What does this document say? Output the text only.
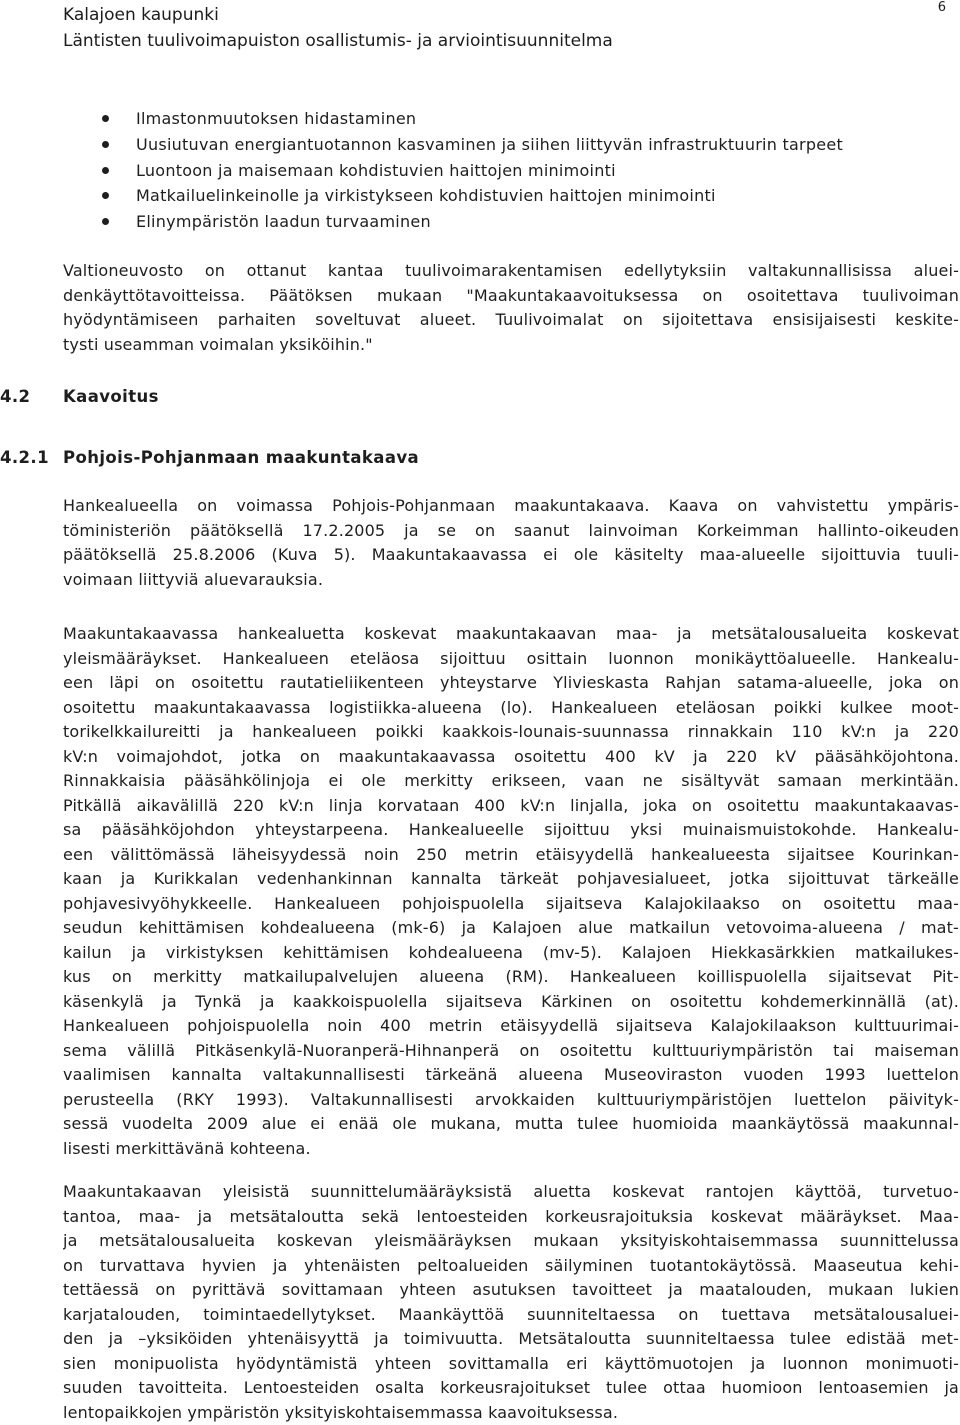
Kalajoen kaupunki
Läntisten tuulivoimapuiston osallistumis- ja arviointisuunnitelma
6
Ilmastonmuutoksen hidastaminen
Uusiutuvan energiantuotannon kasvaminen ja siihen liittyvän infrastruktuurin tarpeet
Luontoon ja maisemaan kohdistuvien haittojen minimointi
Matkailuelinkeinolle ja virkistykseen kohdistuvien haittojen minimointi
Elinympäristön laadun turvaaminen
Valtioneuvosto on ottanut kantaa tuulivoimarakentamisen edellytyksiin valtakunnallisissa aluei-
denkäyttötavoitteissa. Päätöksen mukaan "Maakuntakaavoituksessa on osoitettava tuulivoiman
hyödyntämiseen parhaiten soveltuvat alueet. Tuulivoimalat on sijoitettava ensisijaisesti keskite-
tysti useamman voimalan yksiköihin."
4.2 Kaavoitus
4.2.1 Pohjois-Pohjanmaan maakuntakaava
Hankealueella on voimassa Pohjois-Pohjanmaan maakuntakaava. Kaava on vahvistettu ympäris-
töministeriön päätöksellä 17.2.2005 ja se on saanut lainvoiman Korkeimman hallinto-oikeuden
päätöksellä 25.8.2006 (Kuva 5). Maakuntakaavassa ei ole käsitelty maa-alueelle sijoittuvia tuuli-
voimaan liittyviä aluevarauksia.
Maakuntakaavassa hankealuetta koskevat maakuntakaavan maa- ja metsätalousalueita koskevat
yleismääräykset. Hankealueen eteläosa sijoittuu osittain luonnon monikäyttöalueelle. Hankealu-
een läpi on osoitettu rautatieliikenteen yhteystarve Ylivieskasta Rahjan satama-alueelle, joka on
osoitettu maakuntakaavassa logistiikka-alueena (lo). Hankealueen eteläosan poikki kulkee moot-
torikelkkailureitti ja hankealueen poikki kaakkois-lounais-suunnassa rinnakkain 110 kV:n ja 220
kV:n voimajohdot, jotka on maakuntakaavassa osoitettu 400 kV ja 220 kV pääsähköjohtona.
Rinnakkaisia pääsähkölinjoja ei ole merkitty erikseen, vaan ne sisältyvät samaan merkintään.
Pitkällä aikavälillä 220 kV:n linja korvataan 400 kV:n linjalla, joka on osoitettu maakuntakaavas-
sa pääsähköjohdon yhteystarpeena. Hankealueelle sijoittuu yksi muinaismuistokohde. Hankealu-
een välittömässä läheisyydessä noin 250 metrin etäisyydellä hankealueesta sijaitsee Kourinkan-
kaan ja Kurikkalan vedenhankinnan kannalta tärkeät pohjavesialueet, jotka sijoittuvat tärkeälle
pohjavesivyöhykkeelle. Hankealueen pohjoispuolella sijaitseva Kalajokilaakso on osoitettu maa-
seudun kehittämisen kohdealueena (mk-6) ja Kalajoen alue matkailun vetovoima-alueena / mat-
kailun ja virkistyksen kehittämisen kohdealueena (mv-5). Kalajoen Hiekkasärkkien matkailukes-
kus on merkitty matkailupalvelujen alueena (RM). Hankealueen koillispuolella sijaitsevat Pit-
käsenkylä ja Tynkä ja kaakkoispuolella sijaitseva Kärkinen on osoitettu kohdemerkinnällä (at).
Hankealueen pohjoispuolella noin 400 metrin etäisyydellä sijaitseva Kalajokilaakson kulttuurimai-
sema välillä Pitkäsenkylä-Nuoranperä-Hihnanperä on osoitettu kulttuuriympäristön tai maiseman
vaalimisen kannalta valtakunnallisesti tärkeänä alueena Museoviraston vuoden 1993 luettelon
perusteella (RKY 1993). Valtakunnallisesti arvokkaiden kulttuuriympäristöjen luettelon päivityk-
sessä vuodelta 2009 alue ei enää ole mukana, mutta tulee huomioida maankäytössä maakunnal-
lisesti merkittävänä kohteena.
Maakuntakaavan yleisistä suunnittelumääräyksistä aluetta koskevat rantojen käyttöä, turvetuo-
tantoa, maa- ja metsätaloutta sekä lentoesteiden korkeusrajoituksia koskevat määräykset. Maa-
ja metsätalousalueita koskevan yleismääräyksen mukaan yksityiskohtaisemmassa suunnittelussa
on turvattava hyvien ja yhtenäisten peltoalueiden säilyminen tuotantokäytössä. Maaseutua kehi-
tettäessä on pyrittävä sovittamaan yhteen asutuksen tavoitteet ja maatalouden, mukaan lukien
karjatalouden, toimintaedellytykset. Maankäyttöä suunniteltaessa on tuettava metsätalousaluei-
den ja –yksiköiden yhtenäisyyttä ja toimivuutta. Metsätaloutta suunniteltaessa tulee edistää met-
sien monipuolista hyödyntämistä yhteen sovittamalla eri käyttömuotojen ja luonnon monimuoti-
suuden tavoitteita. Lentoesteiden osalta korkeusrajoitukset tulee ottaa huomioon lentoasemien ja
lentopaikkojen ympäristön yksityiskohtaisemmassa kaavoituksessa.
